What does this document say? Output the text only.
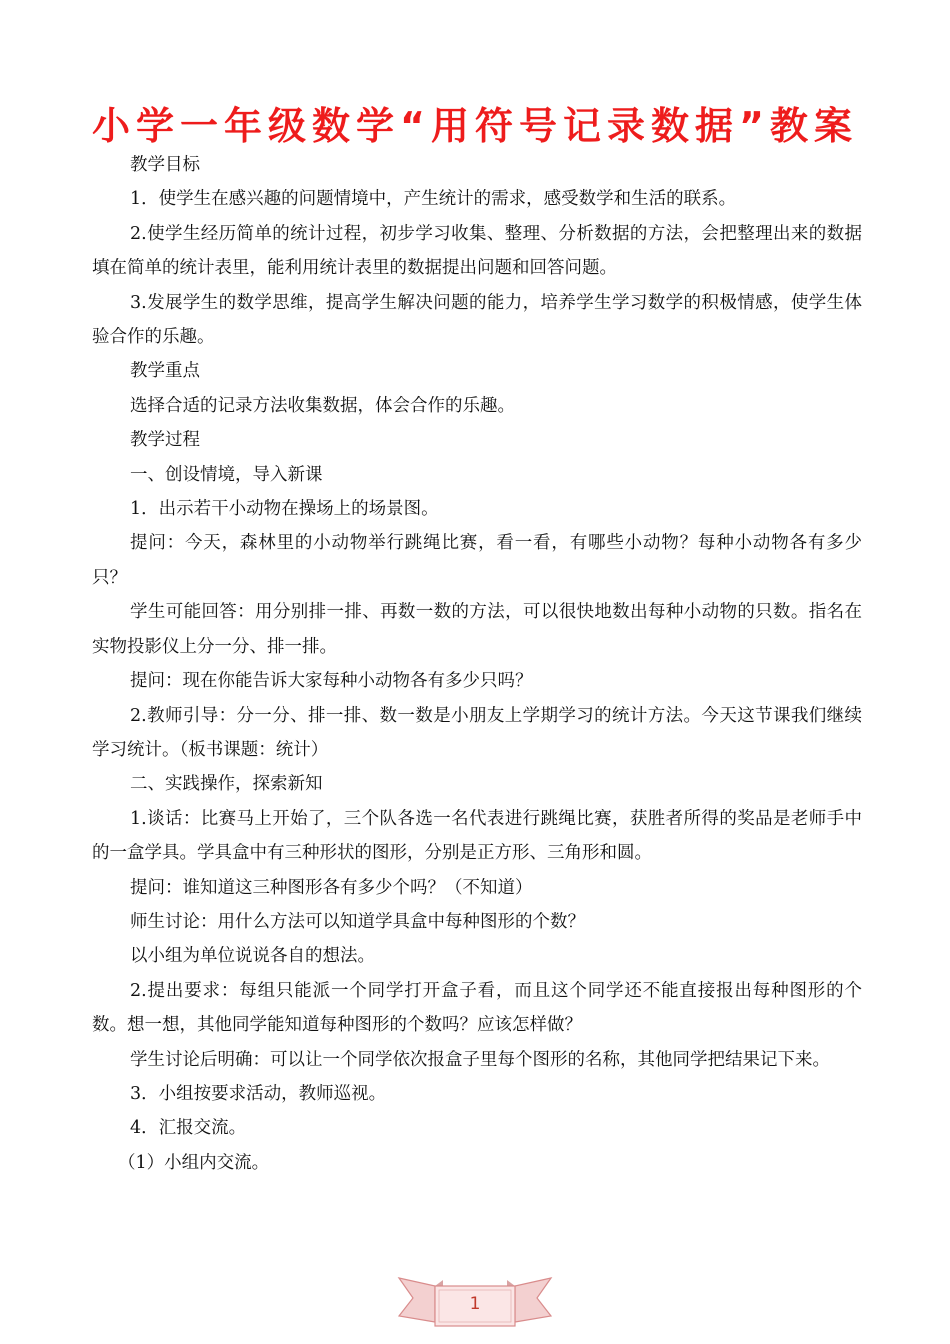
小学一年级数学“用符号记录数据”教案

教学目标

1．使学生在感兴趣的问题情境中，产生统计的需求，感受数学和生活的联系。

2.使学生经历简单的统计过程，初步学习收集、整理、分析数据的方法，会把整理出来的数据填在简单的统计表里，能利用统计表里的数据提出问题和回答问题。

3.发展学生的数学思维，提高学生解决问题的能力，培养学生学习数学的积极情感，使学生体验合作的乐趣。

教学重点

选择合适的记录方法收集数据，体会合作的乐趣。

教学过程

一、创设情境，导入新课

1．出示若干小动物在操场上的场景图。

提问：今天，森林里的小动物举行跳绳比赛，看一看，有哪些小动物？每种小动物各有多少只？

学生可能回答：用分别排一排、再数一数的方法，可以很快地数出每种小动物的只数。指名在实物投影仪上分一分、排一排。

提问：现在你能告诉大家每种小动物各有多少只吗？

2.教师引导：分一分、排一排、数一数是小朋友上学期学习的统计方法。今天这节课我们继续学习统计。（板书课题：统计）

二、实践操作，探索新知

1.谈话：比赛马上开始了，三个队各选一名代表进行跳绳比赛，获胜者所得的奖品是老师手中的一盒学具。学具盒中有三种形状的图形，分别是正方形、三角形和圆。

提问：谁知道这三种图形各有多少个吗？（不知道）

师生讨论：用什么方法可以知道学具盒中每种图形的个数？

以小组为单位说说各自的想法。

2.提出要求：每组只能派一个同学打开盒子看，而且这个同学还不能直接报出每种图形的个数。想一想，其他同学能知道每种图形的个数吗？应该怎样做？

学生讨论后明确：可以让一个同学依次报盒子里每个图形的名称，其他同学把结果记下来。

3．小组按要求活动，教师巡视。

4．汇报交流。

（1）小组内交流。

1
